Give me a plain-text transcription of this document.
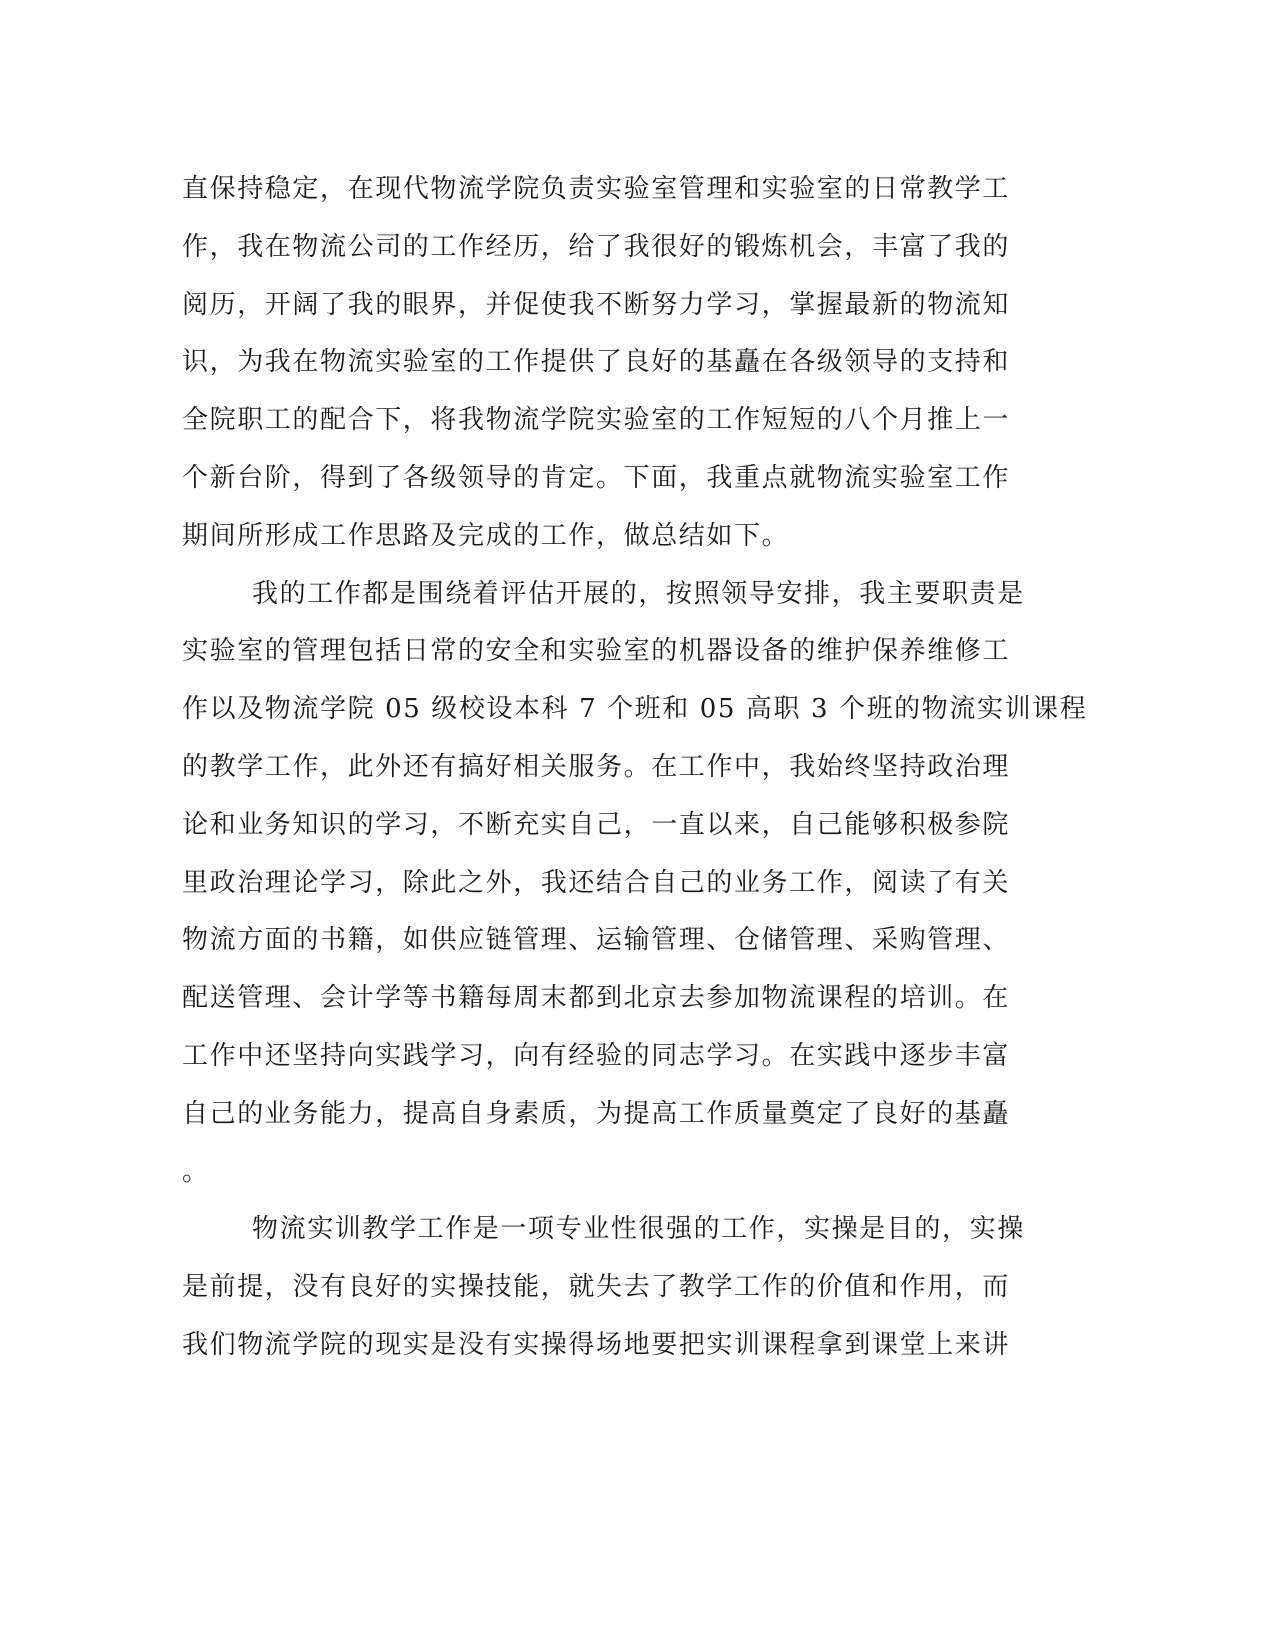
直保持稳定，在现代物流学院负责实验室管理和实验室的日常教学工
作，我在物流公司的工作经历，给了我很好的锻炼机会，丰富了我的
阅历，开阔了我的眼界，并促使我不断努力学习，掌握最新的物流知
识，为我在物流实验室的工作提供了良好的基矗在各级领导的支持和
全院职工的配合下，将我物流学院实验室的工作短短的八个月推上一
个新台阶，得到了各级领导的肯定。下面，我重点就物流实验室工作
期间所形成工作思路及完成的工作，做总结如下。
我的工作都是围绕着评估开展的，按照领导安排，我主要职责是
实验室的管理包括日常的安全和实验室的机器设备的维护保养维修工
作以及物流学院 05 级校设本科 7 个班和 05 高职 3 个班的物流实训课程
的教学工作，此外还有搞好相关服务。在工作中，我始终坚持政治理
论和业务知识的学习，不断充实自己，一直以来，自己能够积极参院
里政治理论学习，除此之外，我还结合自己的业务工作，阅读了有关
物流方面的书籍，如供应链管理、运输管理、仓储管理、采购管理、
配送管理、会计学等书籍每周末都到北京去参加物流课程的培训。在
工作中还坚持向实践学习，向有经验的同志学习。在实践中逐步丰富
自己的业务能力，提高自身素质，为提高工作质量奠定了良好的基矗
。
物流实训教学工作是一项专业性很强的工作，实操是目的，实操
是前提，没有良好的实操技能，就失去了教学工作的价值和作用，而
我们物流学院的现实是没有实操得场地要把实训课程拿到课堂上来讲
